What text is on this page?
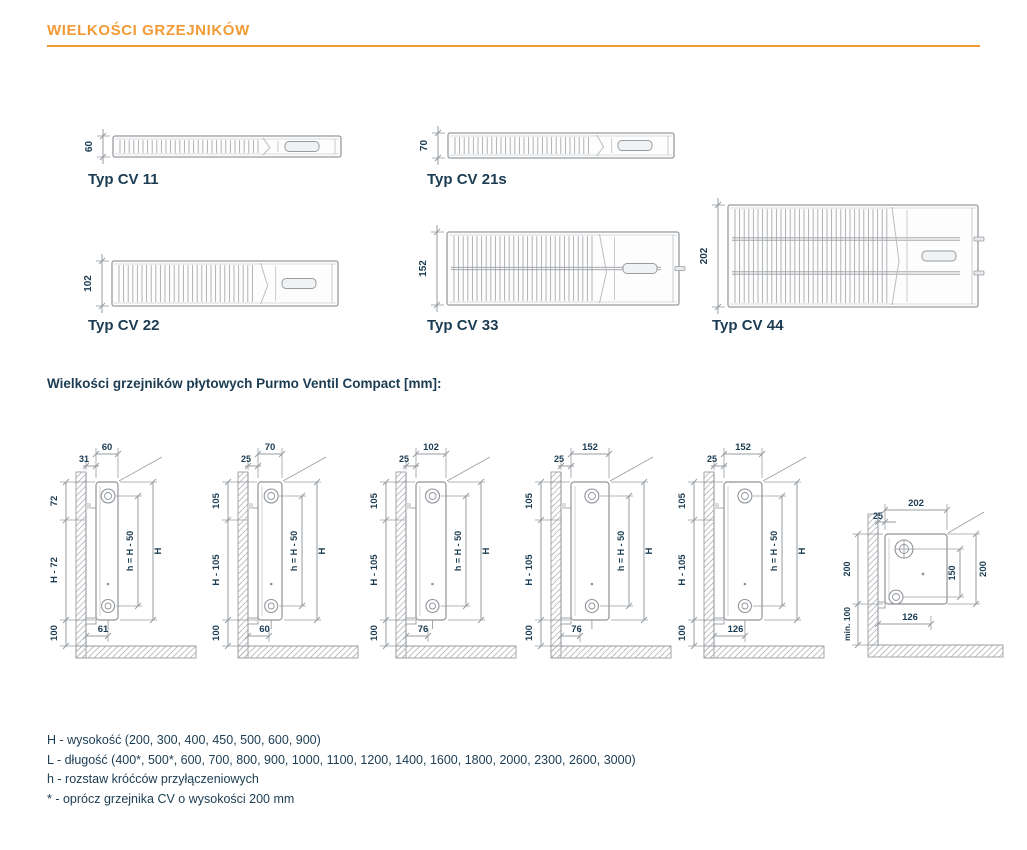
WIELKOŚCI GRZEJNIKÓW
60	70
102
152
202
Typ CV 11	Typ CV 21s
Typ CV 22	Typ CV 33	Typ CV 44
Wielkości grzejników płytowych Purmo Ventil Compact [mm]:
60
31
72
H - 72
100
h = H - 50 H
61
70
25
105
H - 105
100
h = H - 50 H
60
102
25
105
H - 105
100
h = H - 50 H
76
152
25
105
H - 105
100
h = H - 50 H
76
152
25
105
H - 105
100
h = H - 50 H
126
202
25
200
min. 100
150 200
126
H - wysokość (200, 300, 400, 450, 500, 600, 900)
L - długość (400*, 500*, 600, 700, 800, 900, 1000, 1100, 1200, 1400, 1600, 1800, 2000, 2300, 2600, 3000)
h - rozstaw króćców przyłączeniowych
* - oprócz grzejnika CV o wysokości 200 mm
